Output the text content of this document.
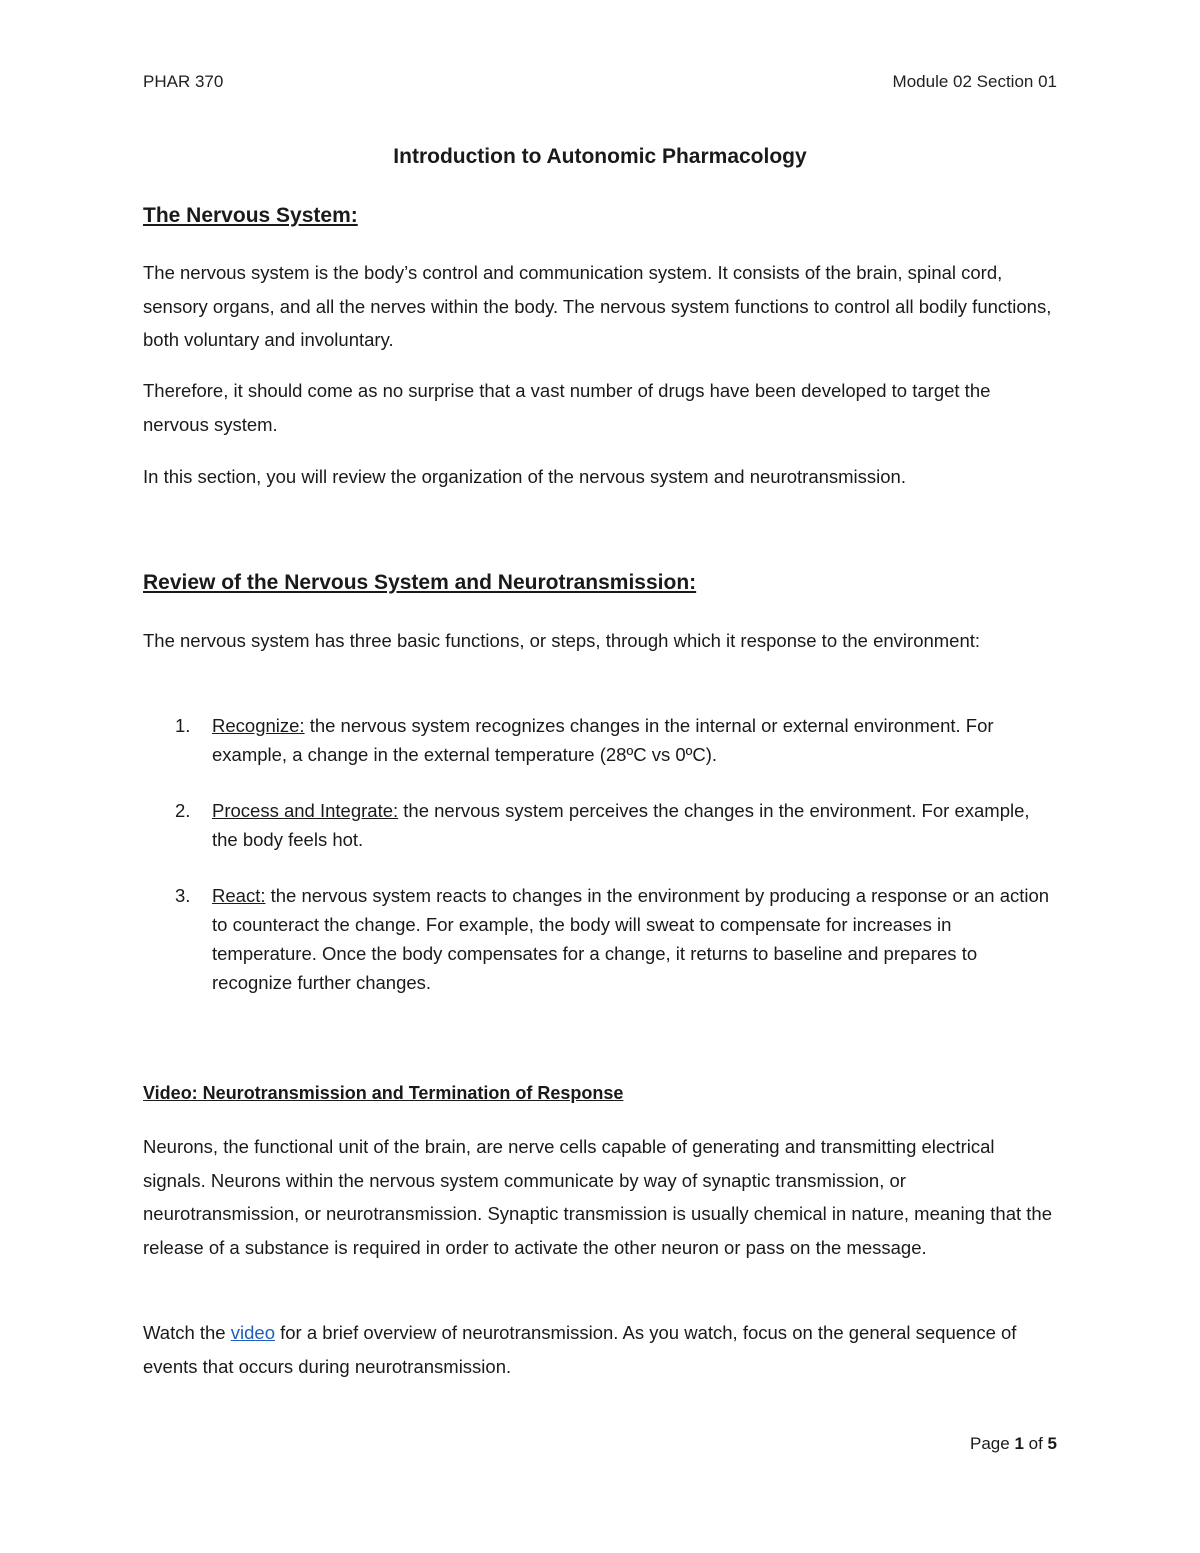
PHAR 370	Module 02 Section 01
Introduction to Autonomic Pharmacology
The Nervous System:

The nervous system is the body’s control and communication system. It consists of the brain, spinal cord, sensory organs, and all the nerves within the body. The nervous system functions to control all bodily functions, both voluntary and involuntary.

Therefore, it should come as no surprise that a vast number of drugs have been developed to target the nervous system.

In this section, you will review the organization of the nervous system and neurotransmission.

Review of the Nervous System and Neurotransmission:

The nervous system has three basic functions, or steps, through which it response to the environment:

1. Recognize: the nervous system recognizes changes in the internal or external environment. For example, a change in the external temperature (28ºC vs 0ºC).
2. Process and Integrate: the nervous system perceives the changes in the environment. For example, the body feels hot.
3. React: the nervous system reacts to changes in the environment by producing a response or an action to counteract the change. For example, the body will sweat to compensate for increases in temperature. Once the body compensates for a change, it returns to baseline and prepares to recognize further changes.
Video: Neurotransmission and Termination of Response

Neurons, the functional unit of the brain, are nerve cells capable of generating and transmitting electrical signals. Neurons within the nervous system communicate by way of synaptic transmission, or neurotransmission, or neurotransmission. Synaptic transmission is usually chemical in nature, meaning that the release of a substance is required in order to activate the other neuron or pass on the message.

Watch the video for a brief overview of neurotransmission. As you watch, focus on the general sequence of events that occurs during neurotransmission.

Page 1 of 5
